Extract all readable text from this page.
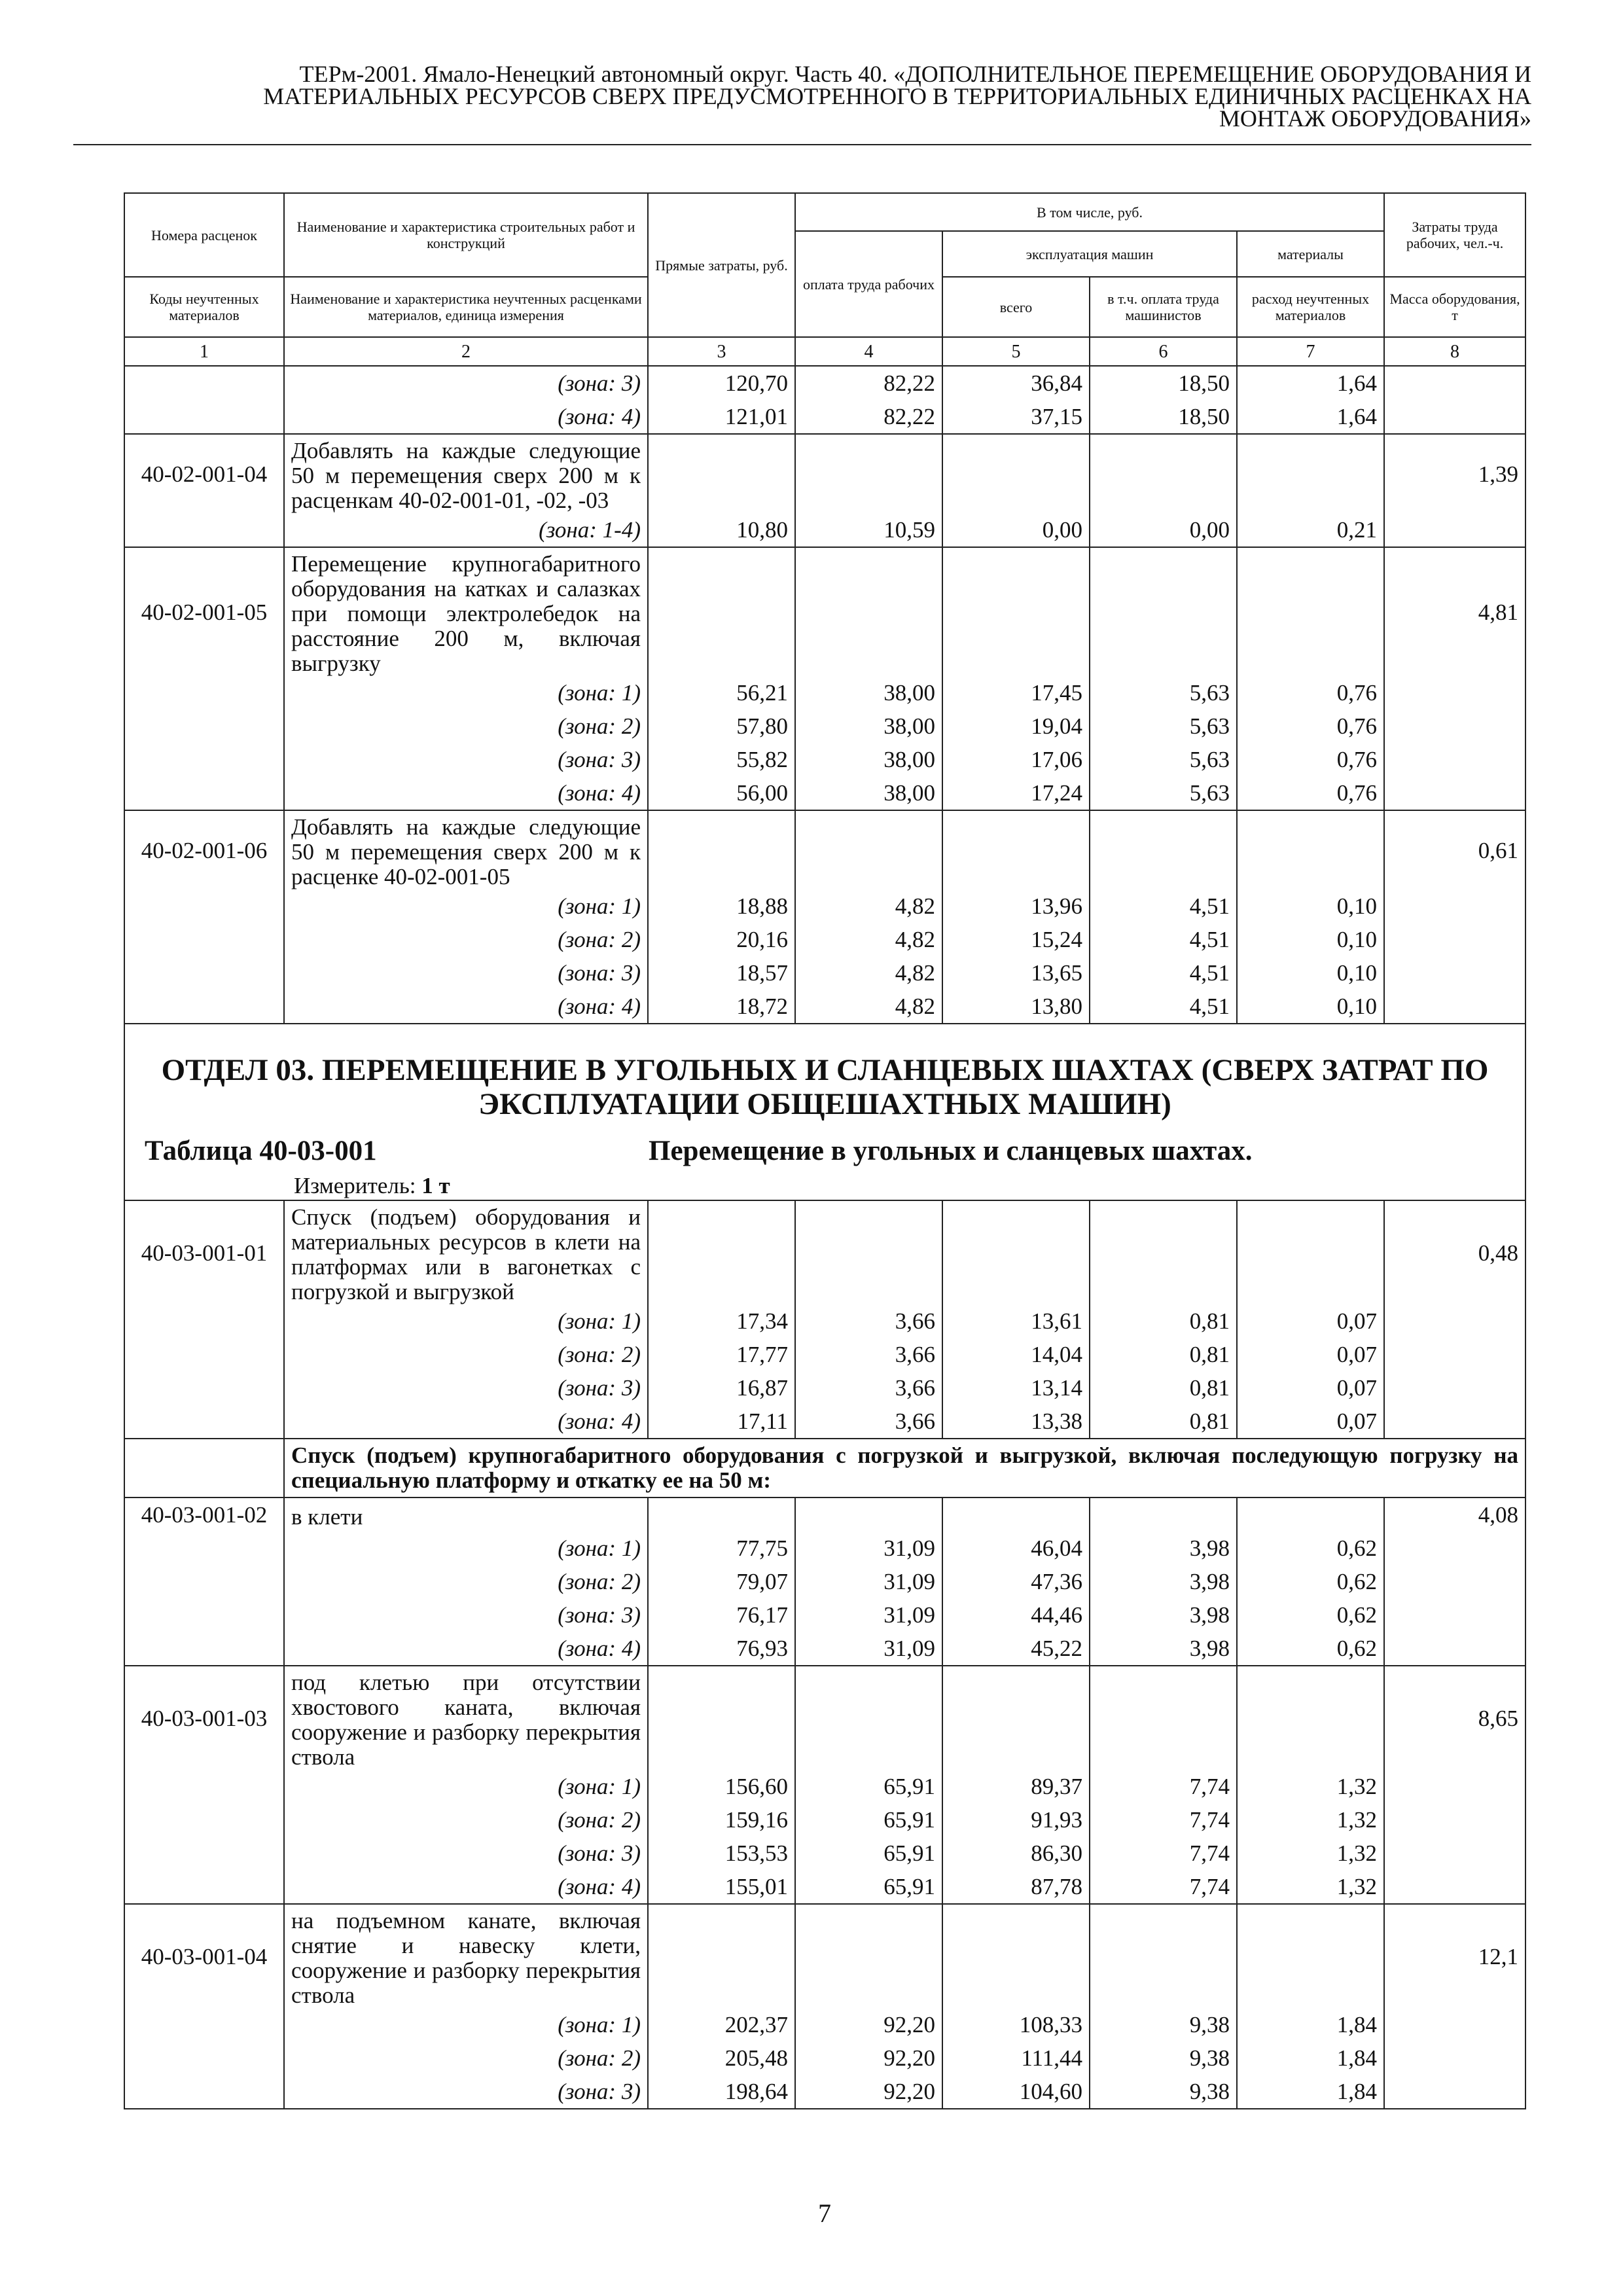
ТЕРм-2001. Ямало-Ненецкий автономный округ. Часть 40. «ДОПОЛНИТЕЛЬНОЕ ПЕРЕМЕЩЕНИЕ ОБОРУДОВАНИЯ И
МАТЕРИАЛЬНЫХ РЕСУРСОВ СВЕРХ ПРЕДУСМОТРЕННОГО В ТЕРРИТОРИАЛЬНЫХ ЕДИНИЧНЫХ РАСЦЕНКАХ НА
МОНТАЖ ОБОРУДОВАНИЯ»
Номера расценок	Наименование и характеристика строительных работ и конструкций	Прямые затраты, руб.	В том числе, руб.				Затраты труда рабочих, чел.-ч.
			оплата труда рабочих	эксплуатация машин		материалы	
Коды неучтенных материалов	Наименование и характеристика неучтенных расценками материалов, единица измерения			всего	в т.ч. оплата труда машинистов	расход неучтенных материалов	Масса оборудования, т
1	2	3	4	5	6	7	8
	(зона: 3)	120,70	82,22	36,84	18,50	1,64	
	(зона: 4)	121,01	82,22	37,15	18,50	1,64	
40-02-001-04	Добавлять на каждые следующие 50 м перемещения сверх 200 м к расценкам 40-02-001-01, -02, -03						1,39
	(зона: 1-4)	10,80	10,59	0,00	0,00	0,21	
40-02-001-05	Перемещение крупногабаритного оборудования на катках и салазках при помощи электролебедок на расстояние 200 м, включая выгрузку						4,81
	(зона: 1)	56,21	38,00	17,45	5,63	0,76	
	(зона: 2)	57,80	38,00	19,04	5,63	0,76	
	(зона: 3)	55,82	38,00	17,06	5,63	0,76	
	(зона: 4)	56,00	38,00	17,24	5,63	0,76	
40-02-001-06	Добавлять на каждые следующие 50 м перемещения сверх 200 м к расценке 40-02-001-05						0,61
	(зона: 1)	18,88	4,82	13,96	4,51	0,10	
	(зона: 2)	20,16	4,82	15,24	4,51	0,10	
	(зона: 3)	18,57	4,82	13,65	4,51	0,10	
	(зона: 4)	18,72	4,82	13,80	4,51	0,10	

ОТДЕЛ 03. ПЕРЕМЕЩЕНИЕ В УГОЛЬНЫХ И СЛАНЦЕВЫХ ШАХТАХ (СВЕРХ ЗАТРАТ ПО ЭКСПЛУАТАЦИИ ОБЩЕШАХТНЫХ МАШИН)
Таблица 40-03-001 Перемещение в угольных и сланцевых шахтах.
Измеритель: 1 т							

40-03-001-01	Спуск (подъем) оборудования и материальных ресурсов в клети на платформах или в вагонетках с погрузкой и выгрузкой						0,48
	(зона: 1)	17,34	3,66	13,61	0,81	0,07	
	(зона: 2)	17,77	3,66	14,04	0,81	0,07	
	(зона: 3)	16,87	3,66	13,14	0,81	0,07	
	(зона: 4)	17,11	3,66	13,38	0,81	0,07	
	Спуск (подъем) крупногабаритного оборудования с погрузкой и выгрузкой, включая последующую погрузку на специальную платформу и откатку ее на 50 м:						
40-03-001-02	в клети						4,08
	(зона: 1)	77,75	31,09	46,04	3,98	0,62	
	(зона: 2)	79,07	31,09	47,36	3,98	0,62	
	(зона: 3)	76,17	31,09	44,46	3,98	0,62	
	(зона: 4)	76,93	31,09	45,22	3,98	0,62	
40-03-001-03	под клетью при отсутствии хвостового каната, включая сооружение и разборку перекрытия ствола						8,65
	(зона: 1)	156,60	65,91	89,37	7,74	1,32	
	(зона: 2)	159,16	65,91	91,93	7,74	1,32	
	(зона: 3)	153,53	65,91	86,30	7,74	1,32	
	(зона: 4)	155,01	65,91	87,78	7,74	1,32	
40-03-001-04	на подъемном канате, включая снятие и навеску клети, сооружение и разборку перекрытия ствола						12,1
	(зона: 1)	202,37	92,20	108,33	9,38	1,84	
	(зона: 2)	205,48	92,20	111,44	9,38	1,84	
	(зона: 3)	198,64	92,20	104,60	9,38	1,84	
7
